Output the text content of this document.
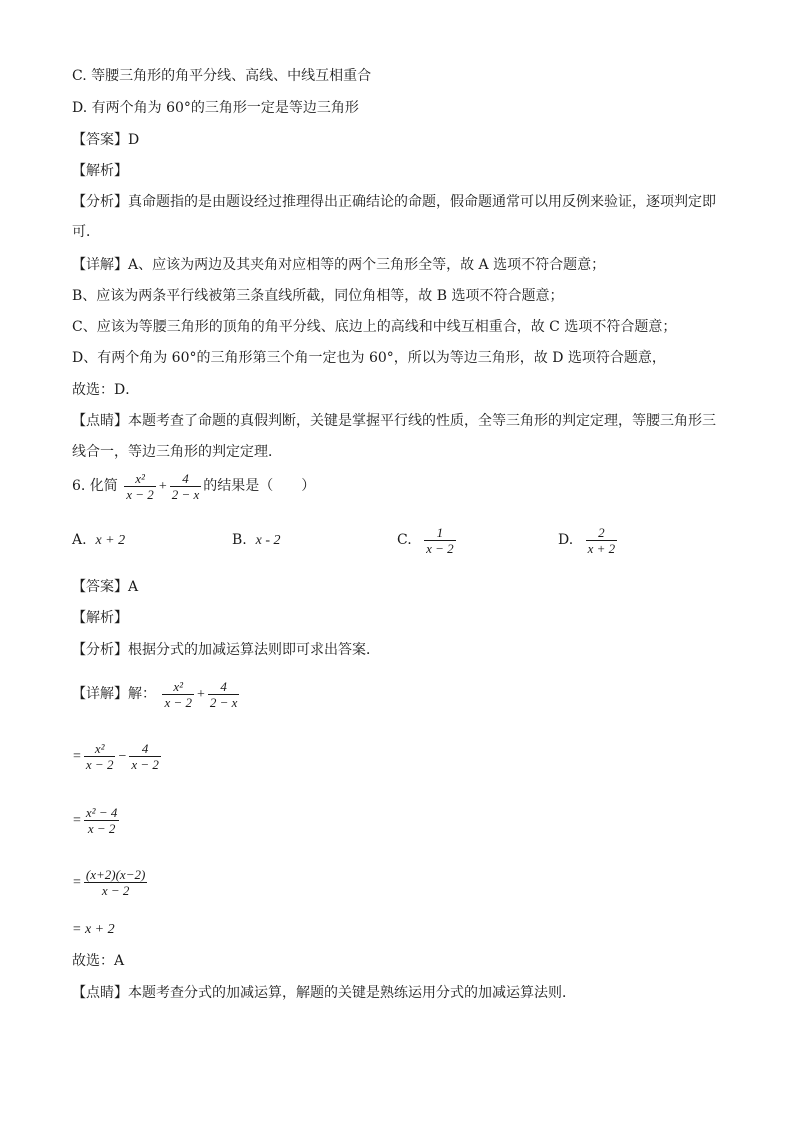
C. 等腰三角形的角平分线、高线、中线互相重合
D. 有两个角为 60°的三角形一定是等边三角形
【答案】D
【解析】
【分析】真命题指的是由题设经过推理得出正确结论的命题，假命题通常可以用反例来验证，逐项判定即
可．
【详解】A、应该为两边及其夹角对应相等的两个三角形全等，故 A 选项不符合题意；
B、应该为两条平行线被第三条直线所截，同位角相等，故 B 选项不符合题意；
C、应该为等腰三角形的顶角的角平分线、底边上的高线和中线互相重合，故 C 选项不符合题意；
D、有两个角为 60°的三角形第三个角一定也为 60°，所以为等边三角形，故 D 选项符合题意，
故选：D．
【点睛】本题考查了命题的真假判断，关键是掌握平行线的性质，全等三角形的判定定理，等腰三角形三
线合一，等边三角形的判定定理．
6. 化简 $\frac{\text{x²}}{x - 2} + \frac{4}{2 - x}$ 的结果是（　　）
A. x + 2	B. x - 2	C. $\frac{1}{x - 2}$	D. $\frac{2}{x + 2}$
【答案】A
【解析】
【分析】根据分式的加减运算法则即可求出答案．
【详解】解： $\frac{\text{x²}}{x - 2} + \frac{4}{2 - x}$
= $\frac{\text{x²}}{x - 2} - \frac{4}{x - 2}$
= $\frac{\text{x² − 4}}{x - 2}$
= $\frac{(x+2)(x-2)}{x - 2}$
= x + 2
故选：A
【点睛】本题考查分式的加减运算，解题的关键是熟练运用分式的加减运算法则．
